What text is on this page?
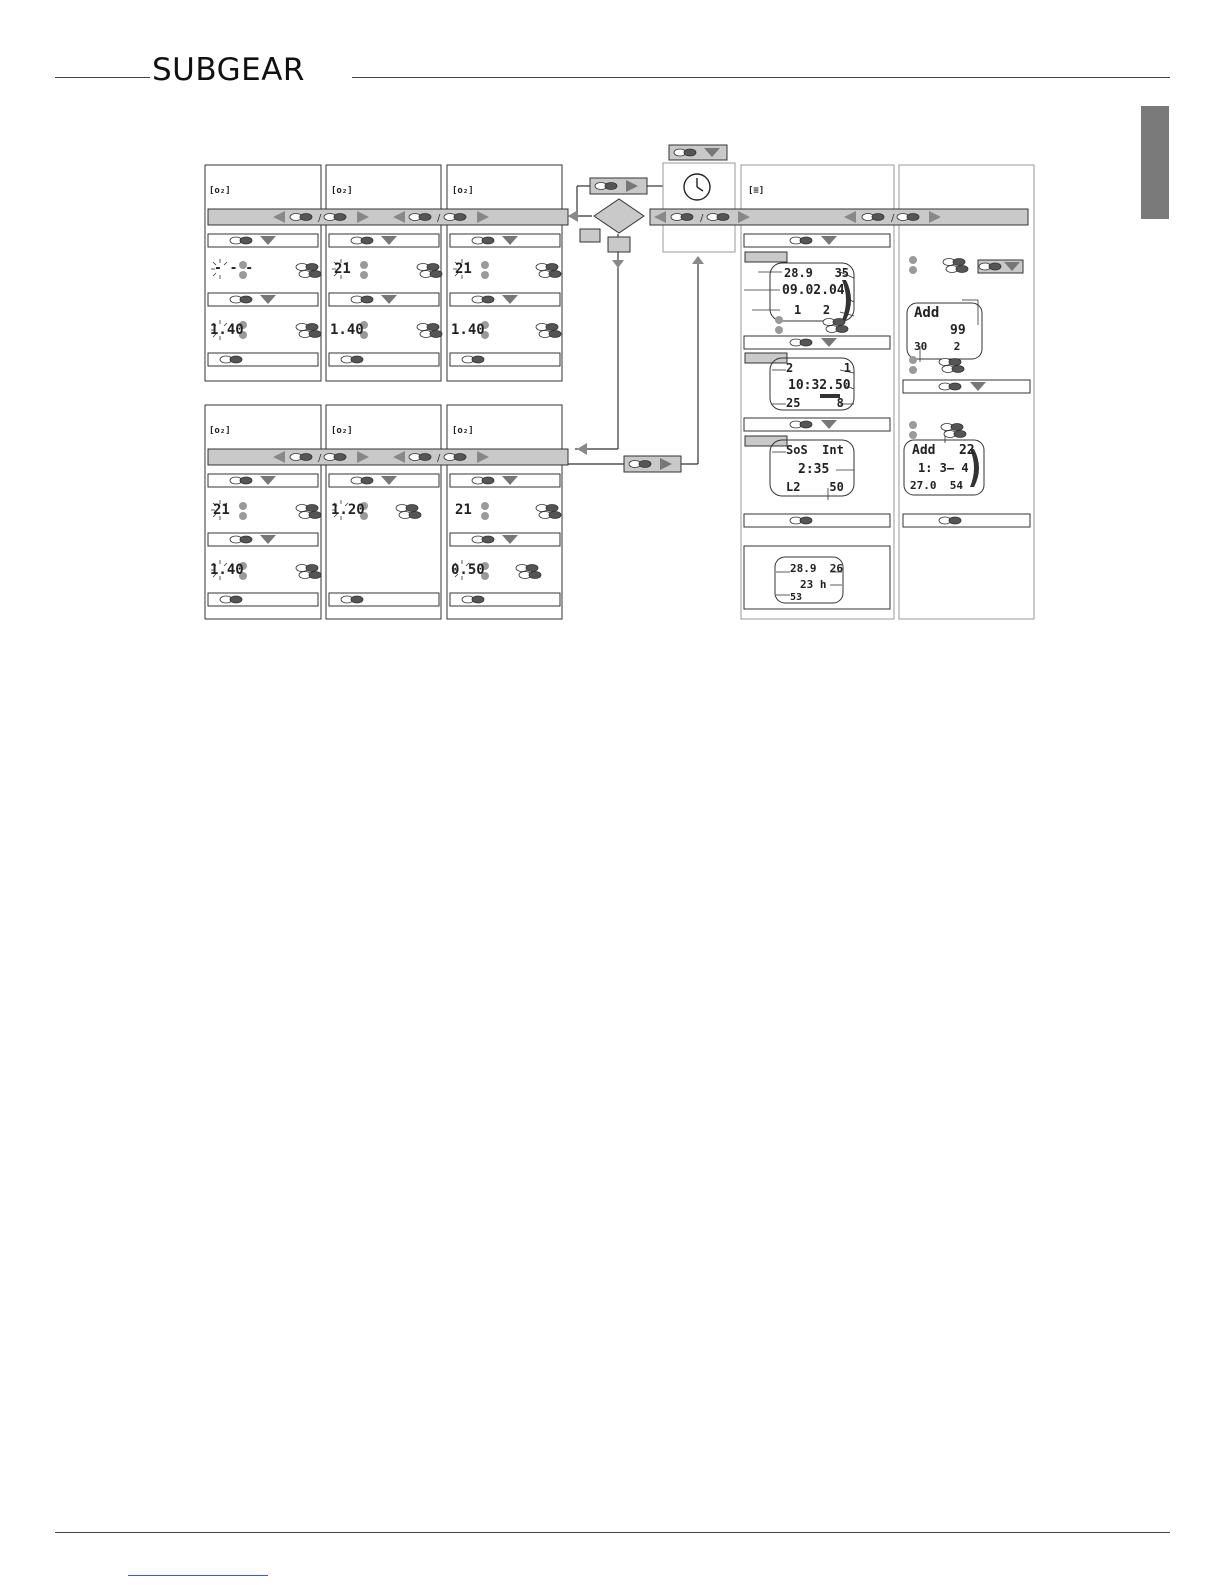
SUBGEAR
/	/	/	/
/	/
[o₂]	[o₂]	[o₂]
[o₂]	[o₂]	[o₂]
[≡]
- - -
1.40
21
1.40
21
1.40
21
1.40
1.20	21
0.50
28.9   35
09.02.04
1   2
2       1
10:32.50
25     8
SoS  Int
2:35
L2    50
28.9  26
23 h
53
Add
99
30    2
Add   22
1: 3– 4
27.0  54
